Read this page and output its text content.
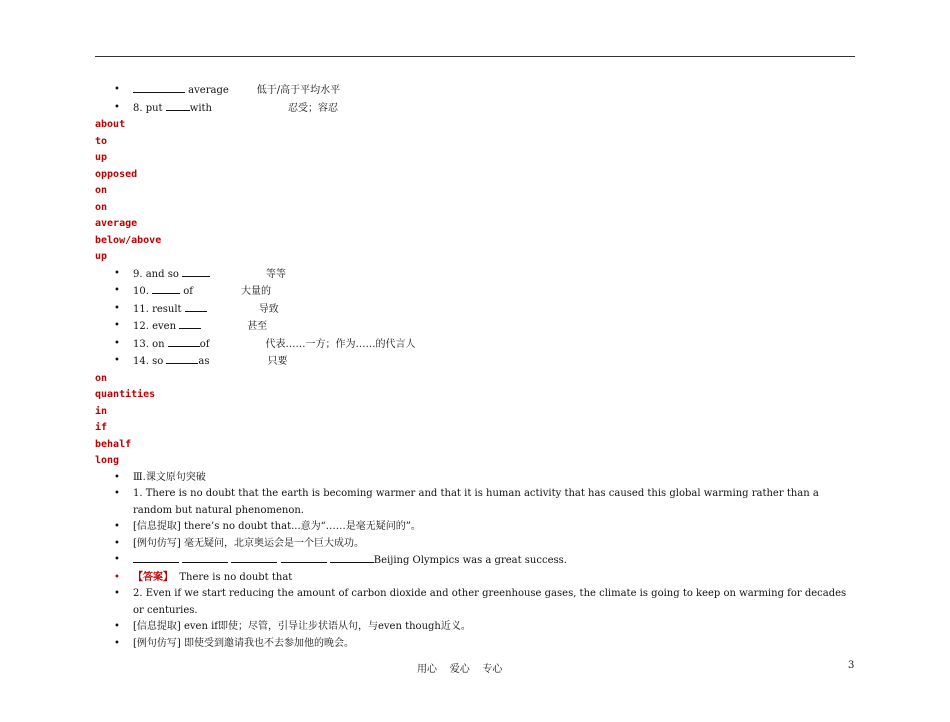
•	average	低于/高于平均水平
• 8. put with	忍受；容忍
about
to
up
opposed
on
on
average
below/above
up
• 9. and so	等等
• 10.	of	大量的
• 11. result	导致
• 12. even	甚至
• 13. on	of	代表……一方；作为……的代言人
• 14. so	as	只要
on
quantities
in
if
behalf
long
• Ⅲ.课文原句突破
• 1. There is no doubt that the earth is becoming warmer and that it is human activity that has caused this global warming rather than a random but natural phenomenon.
• [信息提取] there’s no doubt that...意为“……是毫无疑问的”。
• [例句仿写] 毫无疑问，北京奥运会是一个巨大成功。
•	Beijing Olympics was a great success.
• 【答案】 There is no doubt that
• 2. Even if we start reducing the amount of carbon dioxide and other greenhouse gases, the climate is going to keep on warming for decades or centuries.
• [信息提取] even if即使；尽管，引导让步状语从句，与even though近义。
• [例句仿写] 即使受到邀请我也不去参加他的晚会。
用心    爱心    专心	3
